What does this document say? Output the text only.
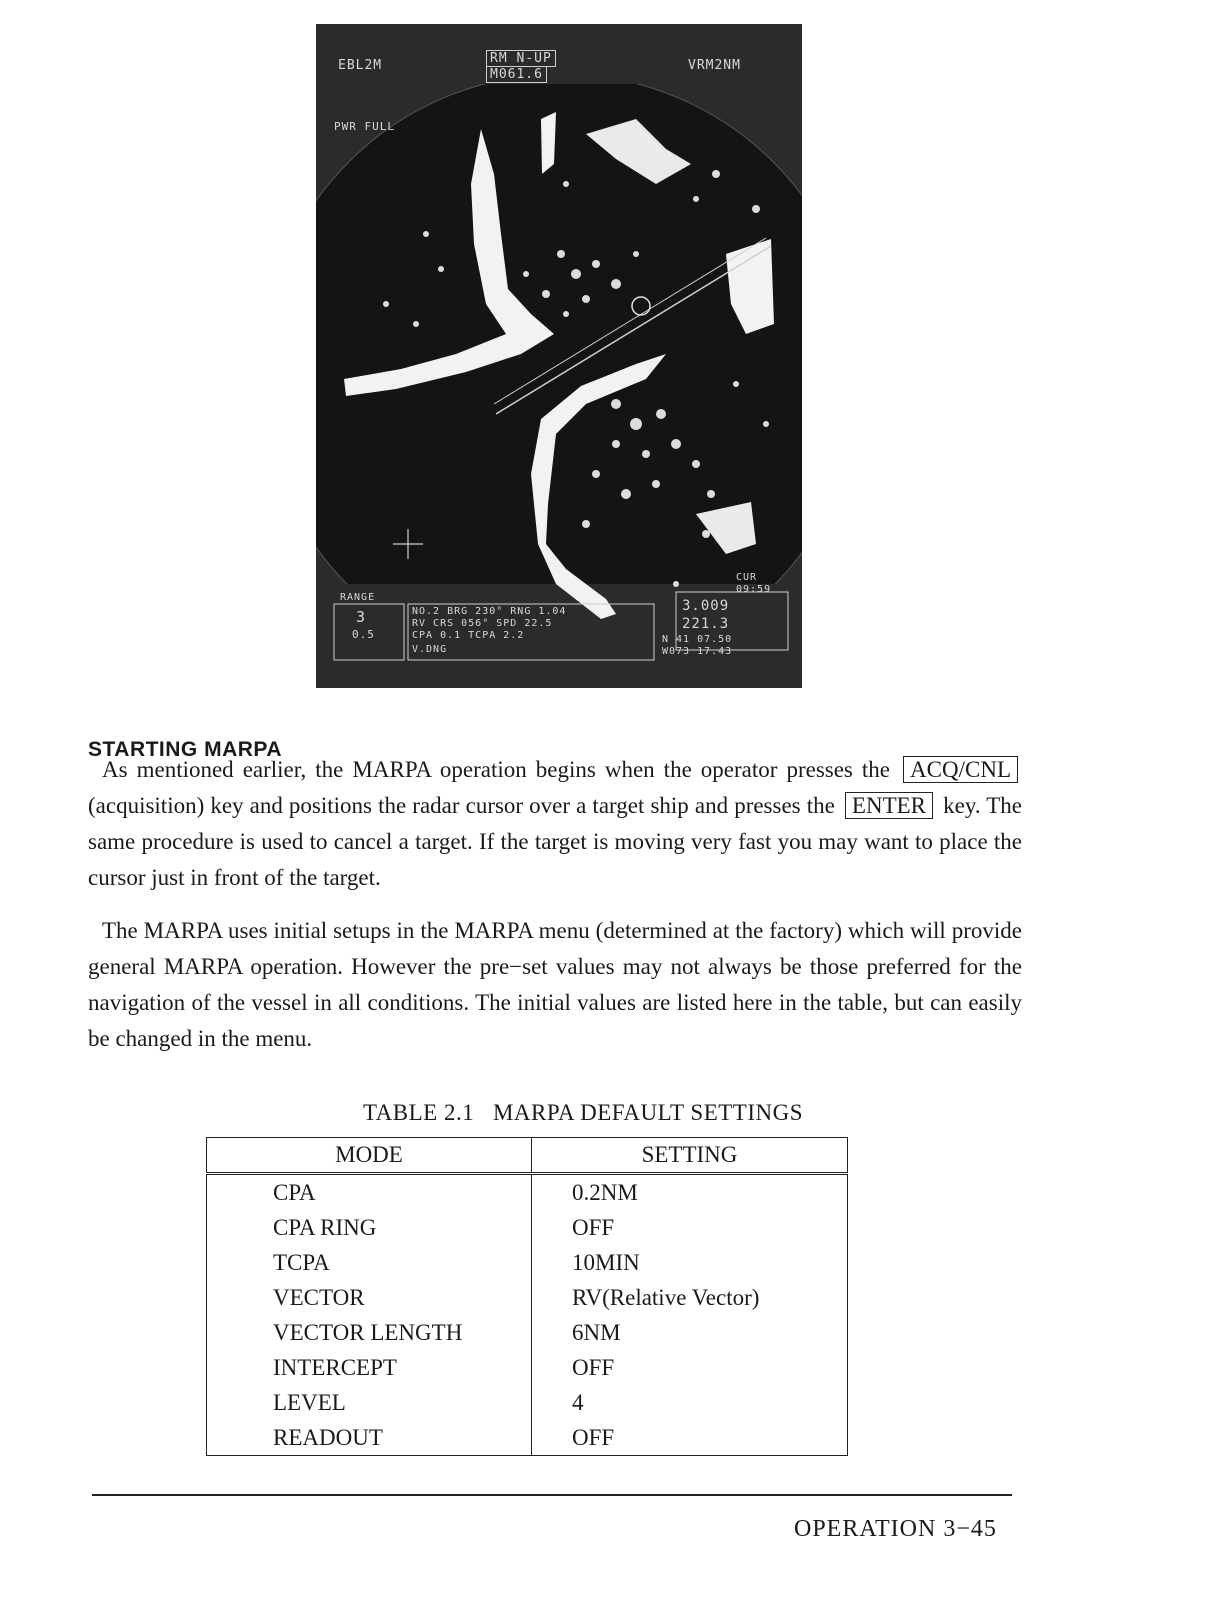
EBL2M	RM N-UP
M061.6
VRM2NM
PWR FULL
RANGE
3
0.5
NO.2 BRG 230° RNG 1.04
RV CRS 056° SPD 22.5
CPA 0.1 TCPA 2.2
V.DNG
CUR
09:59
3.009
221.3
N 41 07.50
W073 17.43
STARTING MARPA
As mentioned earlier, the MARPA operation begins when the operator presses the ACQ/CNL (acquisition) key and positions the radar cursor over a target ship and presses the ENTER key. The same procedure is used to cancel a target. If the target is moving very fast you may want to place the cursor just in front of the target.
The MARPA uses initial setups in the MARPA menu (determined at the factory) which will provide general MARPA operation. However the pre−set values may not always be those preferred for the navigation of the vessel in all conditions. The initial values are listed here in the table, but can easily be changed in the menu.
TABLE 2.1   MARPA DEFAULT SETTINGS
MODE	SETTING
CPA	0.2NM
CPA RING	OFF
TCPA	10MIN
VECTOR	RV(Relative Vector)
VECTOR LENGTH	6NM
INTERCEPT	OFF
LEVEL	4
READOUT	OFF
OPERATION 3−45
